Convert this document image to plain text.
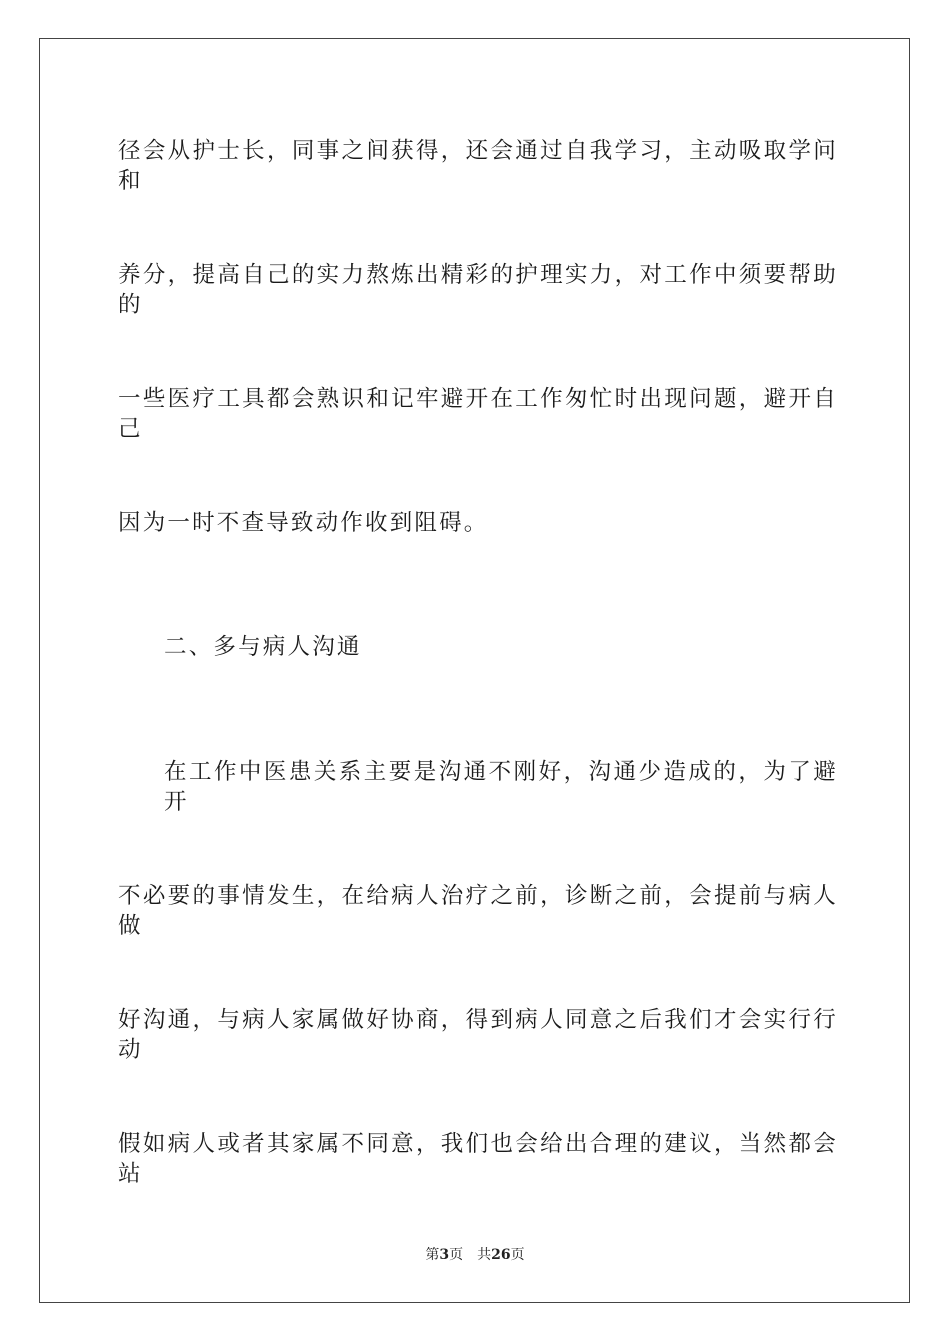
径会从护士长，同事之间获得，还会通过自我学习，主动吸取学问和
养分，提高自己的实力熬炼出精彩的护理实力，对工作中须要帮助的
一些医疗工具都会熟识和记牢避开在工作匆忙时出现问题，避开自己
因为一时不查导致动作收到阻碍。
二、多与病人沟通
在工作中医患关系主要是沟通不刚好，沟通少造成的，为了避开
不必要的事情发生，在给病人治疗之前，诊断之前，会提前与病人做
好沟通，与病人家属做好协商，得到病人同意之后我们才会实行行动
假如病人或者其家属不同意，我们也会给出合理的建议，当然都会站
第3页 共26页
